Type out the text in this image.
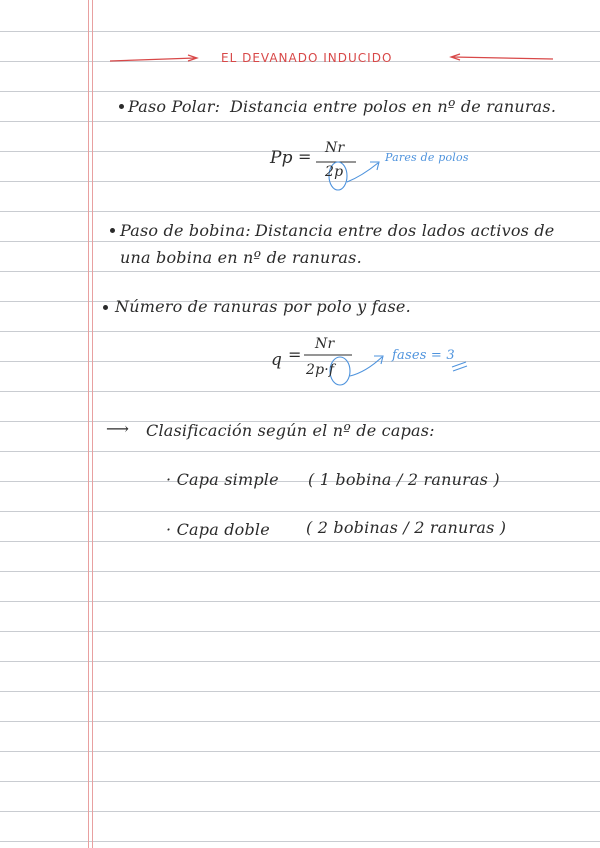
EL DEVANADO INDUCIDO
Paso Polar: Distancia entre polos en nº de ranuras.
Pp = Nr
2p
Pares de polos
Paso de bobina: Distancia entre dos lados activos de
una bobina en nº de ranuras.
Número de ranuras por polo y fase.
q =
Nr
2p·f
fases = 3
⟶ Clasificación según el nº de capas:
· Capa simple ( 1 bobina / 2 ranuras )
· Capa doble ( 2 bobinas / 2 ranuras )
